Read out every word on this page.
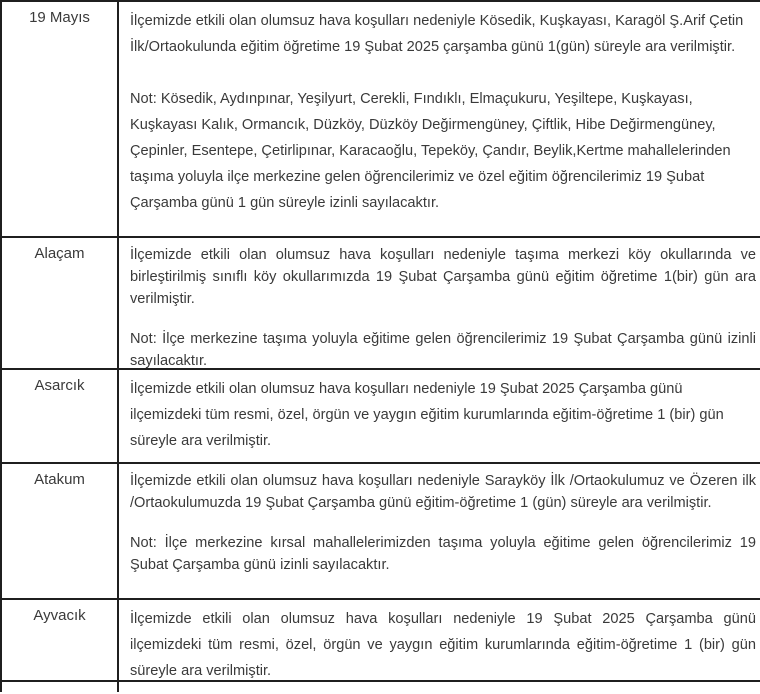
19 Mayıs	İlçemizde etkili olan olumsuz hava koşulları nedeniyle Kösedik, Kuşkayası, Karagöl Ş.Arif Çetin İlk/Ortaokulunda eğitim öğretime 19 Şubat 2025 çarşamba günü 1(gün) süreyle ara verilmiştir.

Not: Kösedik, Aydınpınar, Yeşilyurt, Cerekli, Fındıklı, Elmaçukuru, Yeşiltepe, Kuşkayası, Kuşkayası Kalık, Ormancık, Düzköy, Düzköy Değirmengüney, Çiftlik, Hibe Değirmengüney, Çepinler, Esentepe, Çetirlipınar, Karacaoğlu, Tepeköy, Çandır, Beylik,Kertme mahallelerinden taşıma yoluyla ilçe merkezine gelen öğrencilerimiz ve özel eğitim öğrencilerimiz 19 Şubat Çarşamba günü 1 gün süreyle izinli sayılacaktır.

Alaçam	İlçemizde etkili olan olumsuz hava koşulları nedeniyle taşıma merkezi köy okullarında ve birleştirilmiş sınıflı köy okullarımızda 19 Şubat Çarşamba günü eğitim öğretime 1(bir) gün ara verilmiştir.

Not: İlçe merkezine taşıma yoluyla eğitime gelen öğrencilerimiz 19 Şubat Çarşamba günü izinli sayılacaktır.

Asarcık	İlçemizde etkili olan olumsuz hava koşulları nedeniyle 19 Şubat 2025 Çarşamba günü ilçemizdeki tüm resmi, özel, örgün ve yaygın eğitim kurumlarında eğitim-öğretime 1 (bir) gün süreyle ara verilmiştir.

Atakum	İlçemizde etkili olan olumsuz hava koşulları nedeniyle Sarayköy İlk /Ortaokulumuz ve Özeren ilk /Ortaokulumuzda 19 Şubat Çarşamba günü eğitim-öğretime 1 (gün) süreyle ara verilmiştir.

Not: İlçe merkezine kırsal mahallelerimizden taşıma yoluyla eğitime gelen öğrencilerimiz 19 Şubat Çarşamba günü izinli sayılacaktır.

Ayvacık	İlçemizde etkili olan olumsuz hava koşulları nedeniyle 19 Şubat 2025 Çarşamba günü ilçemizdeki tüm resmi, özel, örgün ve yaygın eğitim kurumlarında eğitim-öğretime 1 (bir) gün süreyle ara verilmiştir.
